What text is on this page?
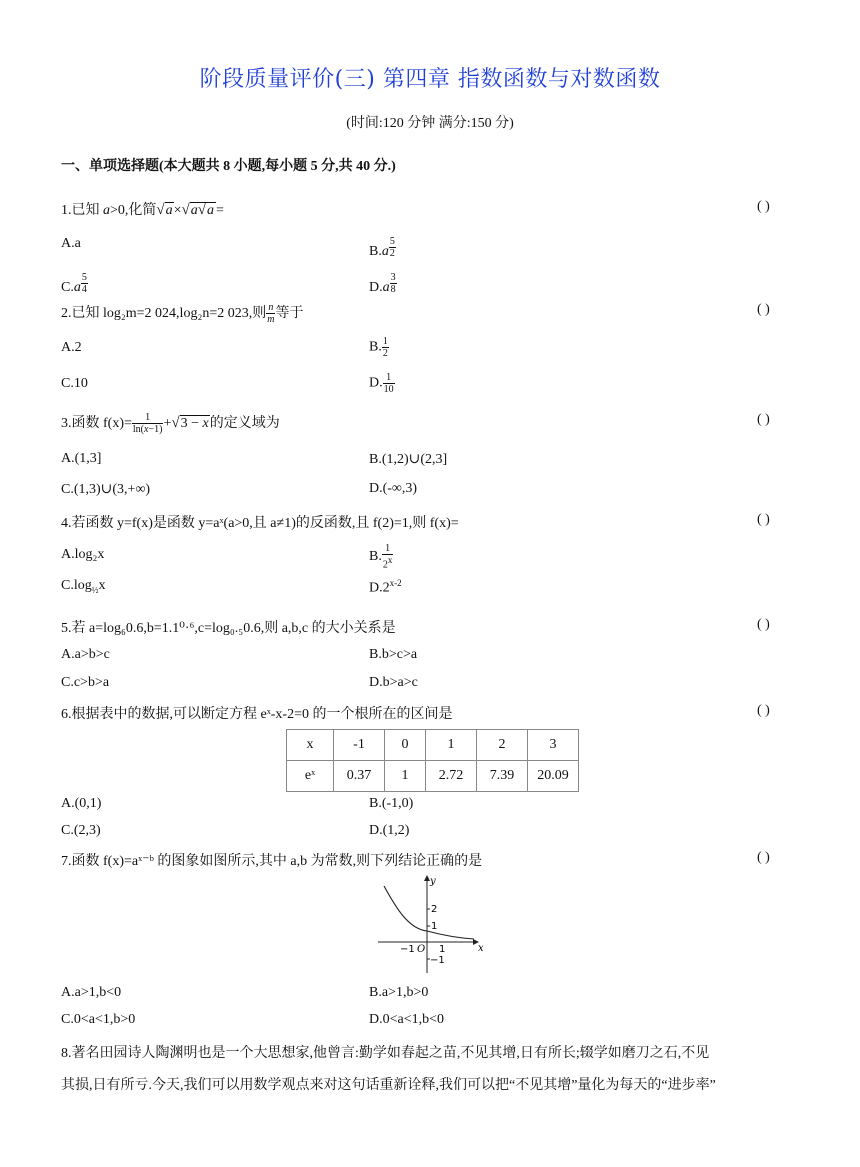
阶段质量评价(三) 第四章 指数函数与对数函数
(时间:120 分钟 满分:150 分)
一、单项选择题(本大题共 8 小题,每小题 5 分,共 40 分.)
1.已知 a>0,化简√a×√a√a =	( )
A.a
B.a $^{\frac{5}{2}}$
C.a $^{\frac{5}{4}}$	D.a $^{\frac{3}{8}}$
2.已知 log₂m=2 024,log₂n=2 023,则 $\frac{n}{m}$ 等于	( )
A.2	B. $\frac{1}{2}$
C.10	D. $\frac{1}{10}$
3.函数 $f(x)= \frac{1}{\ln(x-1)} +√3 - x$的定义域为	( )
A.(1,3]	B.(1,2)∪(2,3]
C.(1,3)∪(3,+∞)	D.(-∞,3)
4.若函数 y=f(x)是函数 y=aˣ(a>0,且 a≠1)的反函数,且 f(2)=1,则 f(x)=	( )
A.log₂x	B. $\frac{1}{2^x}$
$C.\log_{\frac{1}{2}}x$	D.2$^{x-2}$
5.若 a=log₆0.6,b=1.1⁰·⁶,c=log₀.₅0.6,则 a,b,c 的大小关系是	( )
A.a>b>c	B.b>c>a
C.c>b>a	D.b>a>c
6.根据表中的数据,可以断定方程 eˣ-x-2=0 的一个根所在的区间是	( )
x	-1	0	1	2	3
eˣ	0.37	1	2.72	7.39	20.09
A.(0,1)	B.(-1,0)
C.(2,3)	D.(1,2)
7.函数 f(x)=aˣ⁻ᵇ 的图象如图所示,其中 a,b 为常数,则下列结论正确的是	( )
y
x
2
1
−1 O 1
−1
A.a>1,b<0	B.a>1,b>0
C.0<a<1,b>0	D.0<a<1,b<0
8.著名田园诗人陶渊明也是一个大思想家,他曾言:勤学如春起之苗,不见其增,日有所长;辍学如磨刀之石,不见
其损,日有所亏.今天,我们可以用数学观点来对这句话重新诠释,我们可以把“不见其增”量化为每天的“进步率”
